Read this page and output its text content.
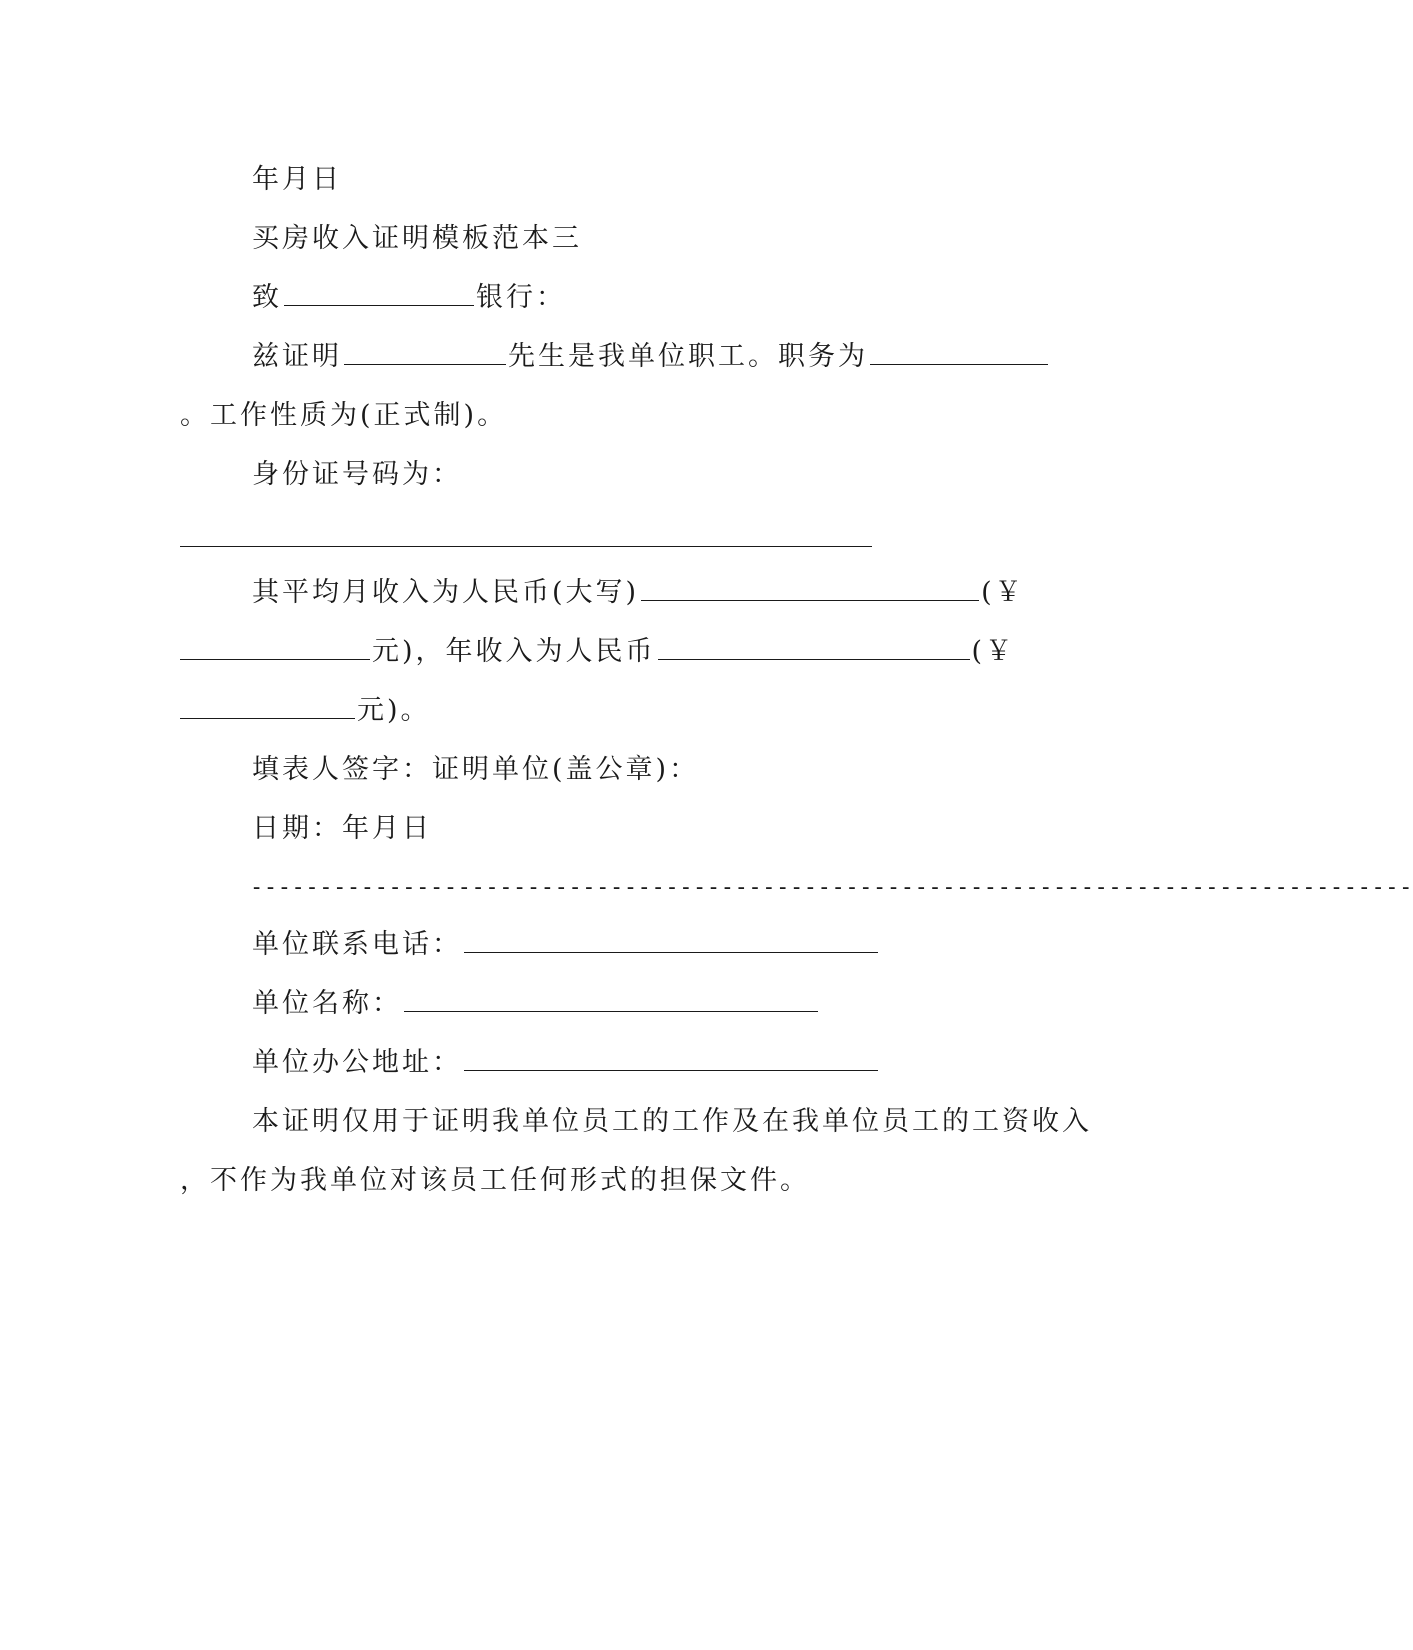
年月日
买房收入证明模板范本三
致	银行：
兹证明	先生是我单位职工。职务为
。工作性质为(正式制)。
身份证号码为：
其平均月收入为人民币(大写)	(￥
元)，年收入为人民币	(￥
元)。
填表人签字：证明单位(盖公章)：
日期：年月日
------------------------------------------------------------------------------------
单位联系电话：
单位名称：
单位办公地址：
本证明仅用于证明我单位员工的工作及在我单位员工的工资收入
，不作为我单位对该员工任何形式的担保文件。
